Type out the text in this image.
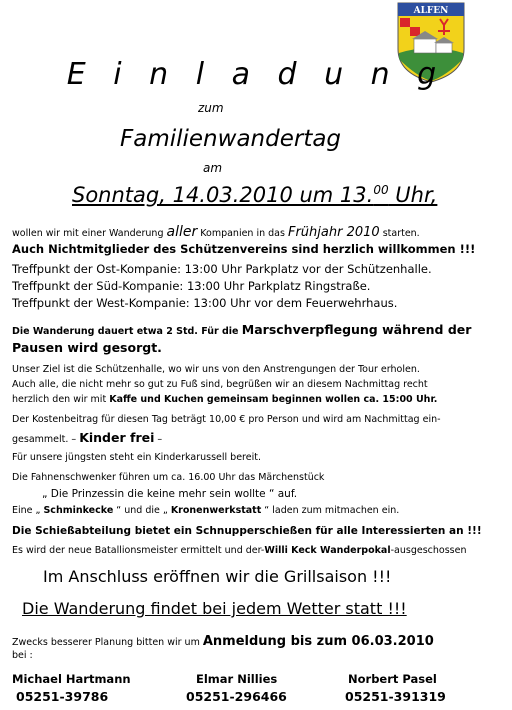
ALFEN
E i n l a d u n g
zum
Familienwandertag
am
Sonntag, 14.03.2010 um 13.00 Uhr,
wollen wir mit einer Wanderung aller Kompanien in das Frühjahr 2010 starten.
Auch Nichtmitglieder des Schützenvereins sind herzlich willkommen !!!
Treffpunkt der Ost-Kompanie: 13:00 Uhr Parkplatz vor der Schützenhalle.
Treffpunkt der Süd-Kompanie: 13:00 Uhr Parkplatz Ringstraße.
Treffpunkt der West-Kompanie: 13:00 Uhr vor dem Feuerwehrhaus.
Die Wanderung dauert etwa 2 Std. Für die Marschverpflegung während der
Pausen wird gesorgt.
Unser Ziel ist die Schützenhalle, wo wir uns von den Anstrengungen der Tour erholen.
Auch alle, die nicht mehr so gut zu Fuß sind, begrüßen wir an diesem Nachmittag recht
herzlich den wir mit Kaffe und Kuchen gemeinsam beginnen wollen ca. 15:00 Uhr.
Der Kostenbeitrag für diesen Tag beträgt 10,00 € pro Person und wird am Nachmittag ein-
gesammelt. – Kinder frei –
Für unsere jüngsten steht ein Kinderkarussell bereit.
Die Fahnenschwenker führen um ca. 16.00 Uhr das Märchenstück
„ Die Prinzessin die keine mehr sein wollte “ auf.
Eine „ Schminkecke “ und die „ Kronenwerkstatt “ laden zum mitmachen ein.
Die Schießabteilung bietet ein Schnupperschießen für alle Interessierten an !!!
Es wird der neue Batallionsmeister ermittelt und der-Willi Keck Wanderpokal-ausgeschossen
Im Anschluss eröffnen wir die Grillsaison !!!
Die Wanderung findet bei jedem Wetter statt !!!
Zwecks besserer Planung bitten wir um Anmeldung bis zum 06.03.2010
bei :
Michael Hartmann
05251-39786
Elmar Nillies
05251-296466
Norbert Pasel
05251-391319
